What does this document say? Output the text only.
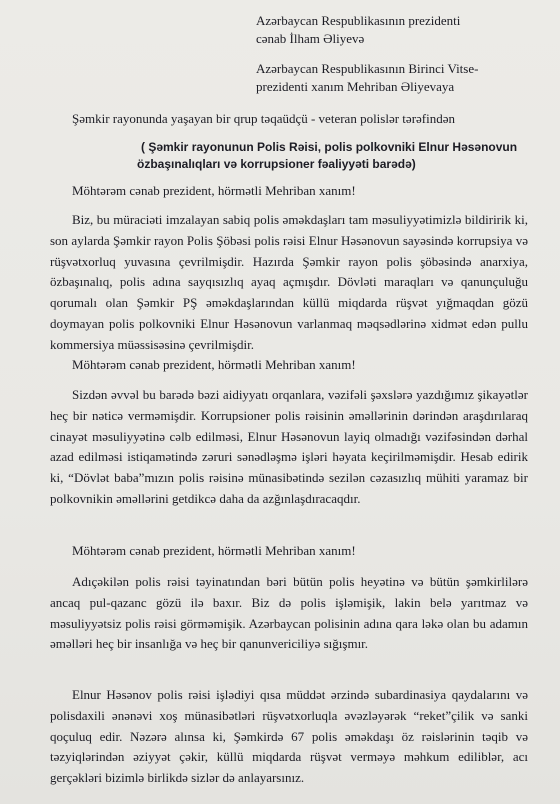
Azərbaycan Respublikasının prezidenti
cənab İlham Əliyevə
Azərbaycan Respublikasının Birinci Vitse-
prezidenti xanım Mehriban Əliyevaya
Şəmkir rayonunda yaşayan bir qrup təqaüdçü - veteran polislər tərəfindən
( Şəmkir rayonunun Polis Rəisi, polis polkovniki Elnur Həsənovun
özbaşınalıqları və korrupsioner fəaliyyəti barədə)
Möhtərəm cənab prezident, hörmətli Mehriban xanım!

Biz, bu müraciəti imzalayan sabiq polis əməkdaşları tam məsuliyyətimizlə bildiririk ki, son aylarda Şəmkir rayon Polis Şöbəsi polis rəisi Elnur Həsənovun sayəsində korrupsiya və rüşvətxorluq yuvasına çevrilmişdir. Hazırda Şəmkir rayon polis şöbəsində anarxiya, özbaşınalıq, polis adına sayqısızlıq ayaq açmışdır. Dövləti maraqları və qanunçuluğu qorumalı olan Şəmkir PŞ əməkdaşlarından küllü miqdarda rüşvət yığmaqdan gözü doymayan polis polkovniki Elnur Həsənovun varlanmaq məqsədlərinə xidmət edən pullu kommersiya müəssisəsinə çevrilmişdir.

Möhtərəm cənab prezident, hörmətli Mehriban xanım!

Sizdən əvvəl bu barədə bəzi aidiyyatı orqanlara, vəzifəli şəxslərə yazdığımız şikayətlər heç bir nəticə verməmişdir. Korrupsioner polis rəisinin əməllərinin dərindən araşdırılaraq cinayət məsuliyyətinə cəlb edilməsi, Elnur Həsənovun layiq olmadığı vəzifəsindən dərhal azad edilməsi istiqamətində zəruri sənədləşmə işləri həyata keçirilməmişdir. Hesab edirik ki, “Dövlət baba”mızın polis rəisinə münasibətində sezilən cəzasızlıq mühiti yaramaz bir polkovnikin əməllərini getdikcə daha da azğınlaşdıracaqdır.

Möhtərəm cənab prezident, hörmətli Mehriban xanım!

Adıçəkilən polis rəisi təyinatından bəri bütün polis heyətinə və bütün şəmkirlilərə ancaq pul-qazanc gözü ilə baxır. Biz də polis işləmişik, lakin belə yarıtmaz və məsuliyyətsiz polis rəisi görməmişik. Azərbaycan polisinin adına qara ləkə olan bu adamın əməlləri heç bir insanlığa və heç bir qanunvericiliyə sığışmır.

Elnur Həsənov polis rəisi işlədiyi qısa müddət ərzində subardinasiya qaydalarını və polisdaxili ənənəvi xoş münasibətləri rüşvətxorluqla əvəzləyərək “reket”çilik və sanki qoçuluq edir. Nəzərə alınsa ki, Şəmkirdə 67 polis əməkdaşı öz rəislərinin təqib və təzyiqlərindən əziyyət çəkir, küllü miqdarda rüşvət verməyə məhkum ediliblər, acı gerçəkləri bizimlə birlikdə sizlər də anlayarsınız.
